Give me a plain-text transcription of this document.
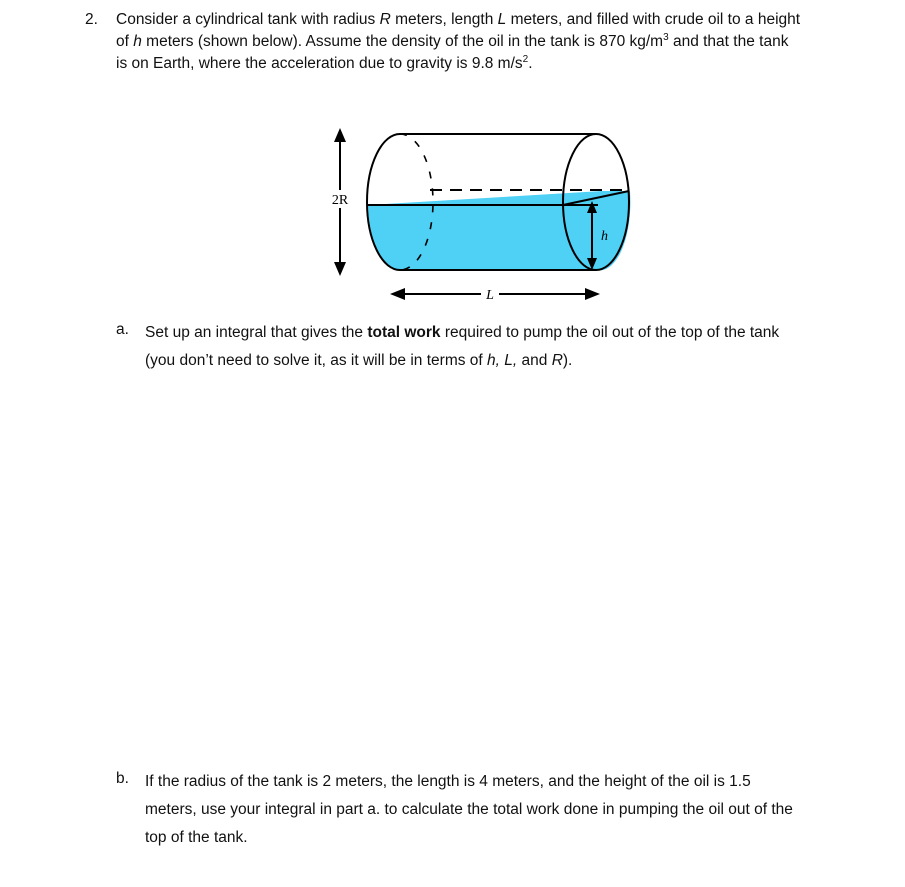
2. Consider a cylindrical tank with radius R meters, length L meters, and filled with crude oil to a height
of h meters (shown below). Assume the density of the oil in the tank is 870 $kg/m^3$ and that the tank
is on Earth, where the acceleration due to gravity is 9.8 $m/s^2$.
2R
h
L
a. Set up an integral that gives the total work required to pump the oil out of the top of the tank
(you don’t need to solve it, as it will be in terms of h, L, and R).
b. If the radius of the tank is 2 meters, the length is 4 meters, and the height of the oil is 1.5
meters, use your integral in part a. to calculate the total work done in pumping the oil out of the
top of the tank.
